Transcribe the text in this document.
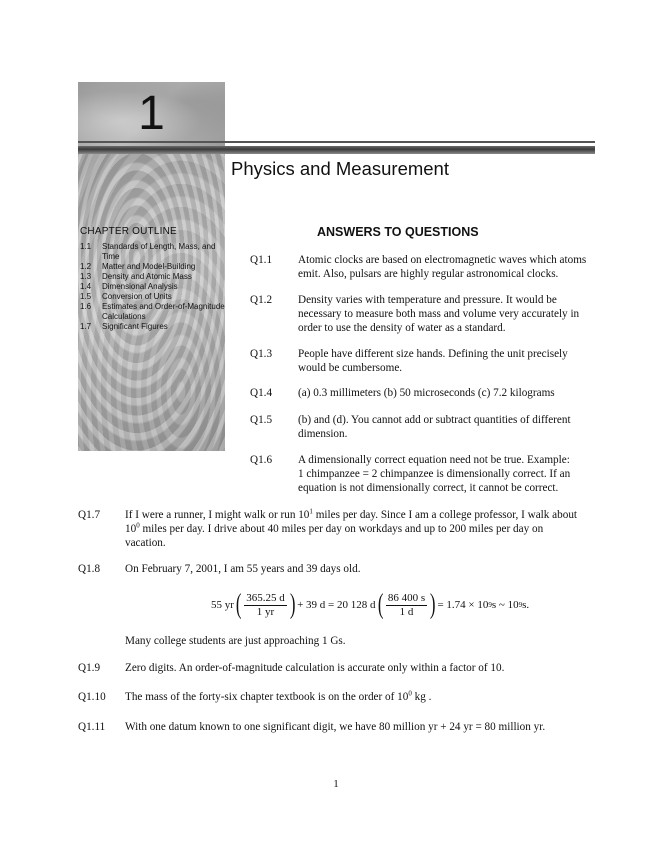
1
CHAPTER OUTLINE
1.1	Standards of Length, Mass, and Time
1.2	Matter and Model-Building
1.3	Density and Atomic Mass
1.4	Dimensional Analysis
1.5	Conversion of Units
1.6	Estimates and Order-of-Magnitude Calculations
1.7	Significant Figures
Physics and Measurement
ANSWERS TO QUESTIONS
Q1.1 Atomic clocks are based on electromagnetic waves which atoms emit. Also, pulsars are highly regular astronomical clocks.
Q1.2 Density varies with temperature and pressure. It would be necessary to measure both mass and volume very accurately in order to use the density of water as a standard.
Q1.3 People have different size hands. Defining the unit precisely would be cumbersome.
Q1.4 (a) 0.3 millimeters (b) 50 microseconds (c) 7.2 kilograms
Q1.5 (b) and (d). You cannot add or subtract quantities of different dimension.
Q1.6 A dimensionally correct equation need not be true. Example:
1 chimpanzee = 2 chimpanzee is dimensionally correct. If an
equation is not dimensionally correct, it cannot be correct.
Q1.7 If I were a runner, I might walk or run $10^1$ miles per day. Since I am a college professor, I walk about
$10^0$ miles per day. I drive about 40 miles per day on workdays and up to 200 miles per day on
vacation.
Q1.8 On February 7, 2001, I am 55 years and 39 days old.
55 yr ( $\frac{365.25 d}{1 yr}$ ) + 39 d = 20 128 d ( $\frac{86 400 s}{1 d}$ ) = 1.74 × 10 9 s ~ 10 9 s.
Many college students are just approaching 1 Gs.
Q1.9 Zero digits. An order-of-magnitude calculation is accurate only within a factor of 10.
Q1.10 The mass of the forty-six chapter textbook is on the order of $10^0$ kg .
Q1.11 With one datum known to one significant digit, we have 80 million yr + 24 yr = 80 million yr.
1
